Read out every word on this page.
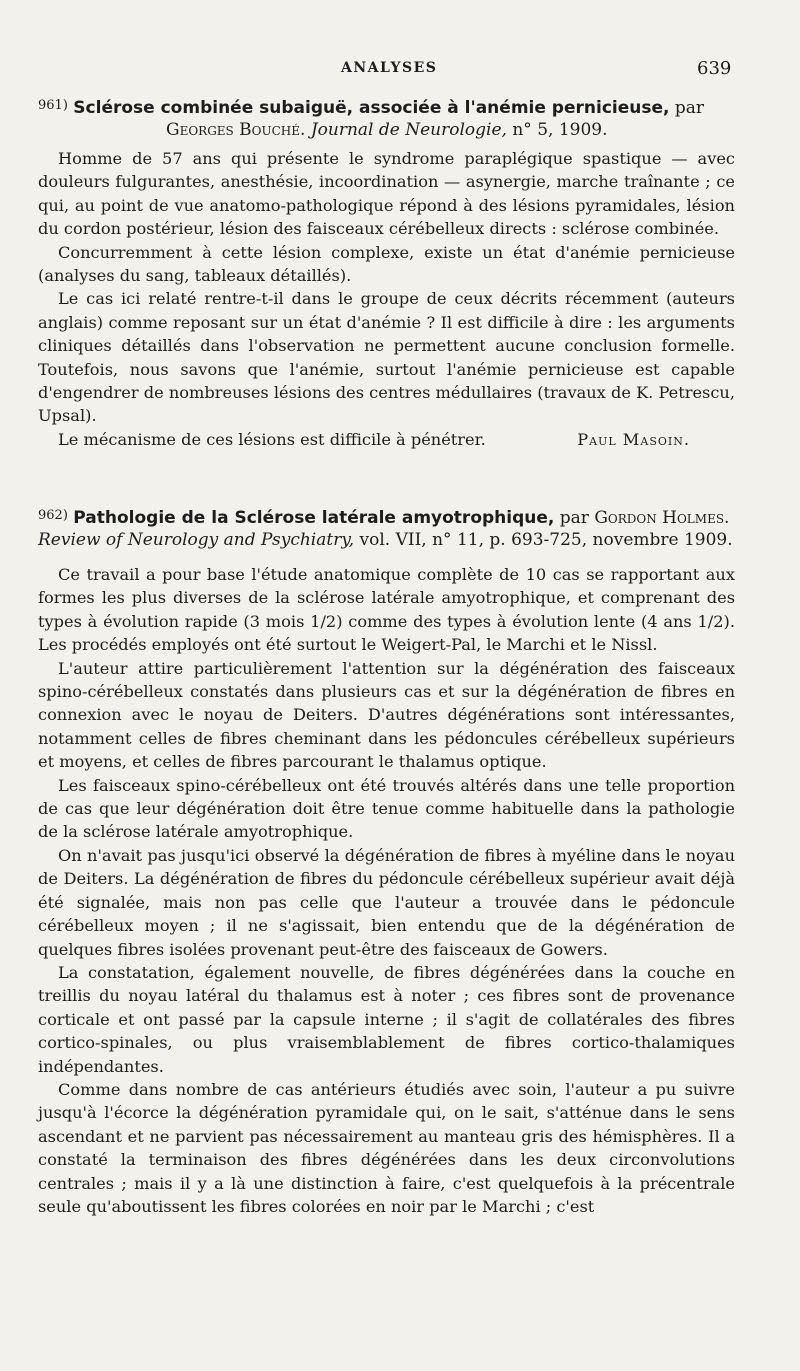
ANALYSES	639

$^{961)}$ Sclérose combinée subaiguë, associée à l'anémie pernicieuse, par

Georges Bouché. Journal de Neurologie, n° 5, 1909.

Homme de 57 ans qui présente le syndrome paraplégique spastique — avec douleurs fulgurantes, anesthésie, incoordination — asynergie, marche traînante ; ce qui, au point de vue anatomo-pathologique répond à des lésions pyramidales, lésion du cordon postérieur, lésion des faisceaux cérébelleux directs : sclérose combinée.

Concurremment à cette lésion complexe, existe un état d'anémie pernicieuse (analyses du sang, tableaux détaillés).

Le cas ici relaté rentre-t-il dans le groupe de ceux décrits récemment (auteurs anglais) comme reposant sur un état d'anémie ? Il est difficile à dire : les arguments cliniques détaillés dans l'observation ne permettent aucune conclusion formelle. Toutefois, nous savons que l'anémie, surtout l'anémie pernicieuse est capable d'engendrer de nombreuses lésions des centres médullaires (travaux de K. Petrescu, Upsal).

Le mécanisme de ces lésions est difficile à pénétrer.	Paul Masoin.

$^{962)}$ Pathologie de la Sclérose latérale amyotrophique, par Gordon Holmes. Review of Neurology and Psychiatry, vol. VII, n° 11, p. 693-725, novembre 1909.

Ce travail a pour base l'étude anatomique complète de 10 cas se rapportant aux formes les plus diverses de la sclérose latérale amyotrophique, et comprenant des types à évolution rapide (3 mois 1/2) comme des types à évolution lente (4 ans 1/2). Les procédés employés ont été surtout le Weigert-Pal, le Marchi et le Nissl.

L'auteur attire particulièrement l'attention sur la dégénération des faisceaux spino-cérébelleux constatés dans plusieurs cas et sur la dégénération de fibres en connexion avec le noyau de Deiters. D'autres dégénérations sont intéressantes, notamment celles de fibres cheminant dans les pédoncules cérébelleux supérieurs et moyens, et celles de fibres parcourant le thalamus optique.

Les faisceaux spino-cérébelleux ont été trouvés altérés dans une telle proportion de cas que leur dégénération doit être tenue comme habituelle dans la pathologie de la sclérose latérale amyotrophique.

On n'avait pas jusqu'ici observé la dégénération de fibres à myéline dans le noyau de Deiters. La dégénération de fibres du pédoncule cérébelleux supérieur avait déjà été signalée, mais non pas celle que l'auteur a trouvée dans le pédoncule cérébelleux moyen ; il ne s'agissait, bien entendu que de la dégénération de quelques fibres isolées provenant peut-être des faisceaux de Gowers.

La constatation, également nouvelle, de fibres dégénérées dans la couche en treillis du noyau latéral du thalamus est à noter ; ces fibres sont de provenance corticale et ont passé par la capsule interne ; il s'agit de collatérales des fibres cortico-spinales, ou plus vraisemblablement de fibres cortico-thalamiques indépendantes.

Comme dans nombre de cas antérieurs étudiés avec soin, l'auteur a pu suivre jusqu'à l'écorce la dégénération pyramidale qui, on le sait, s'atténue dans le sens ascendant et ne parvient pas nécessairement au manteau gris des hémisphères. Il a constaté la terminaison des fibres dégénérées dans les deux circonvolutions centrales ; mais il y a là une distinction à faire, c'est quelquefois à la précentrale seule qu'aboutissent les fibres colorées en noir par le Marchi ; c'est
